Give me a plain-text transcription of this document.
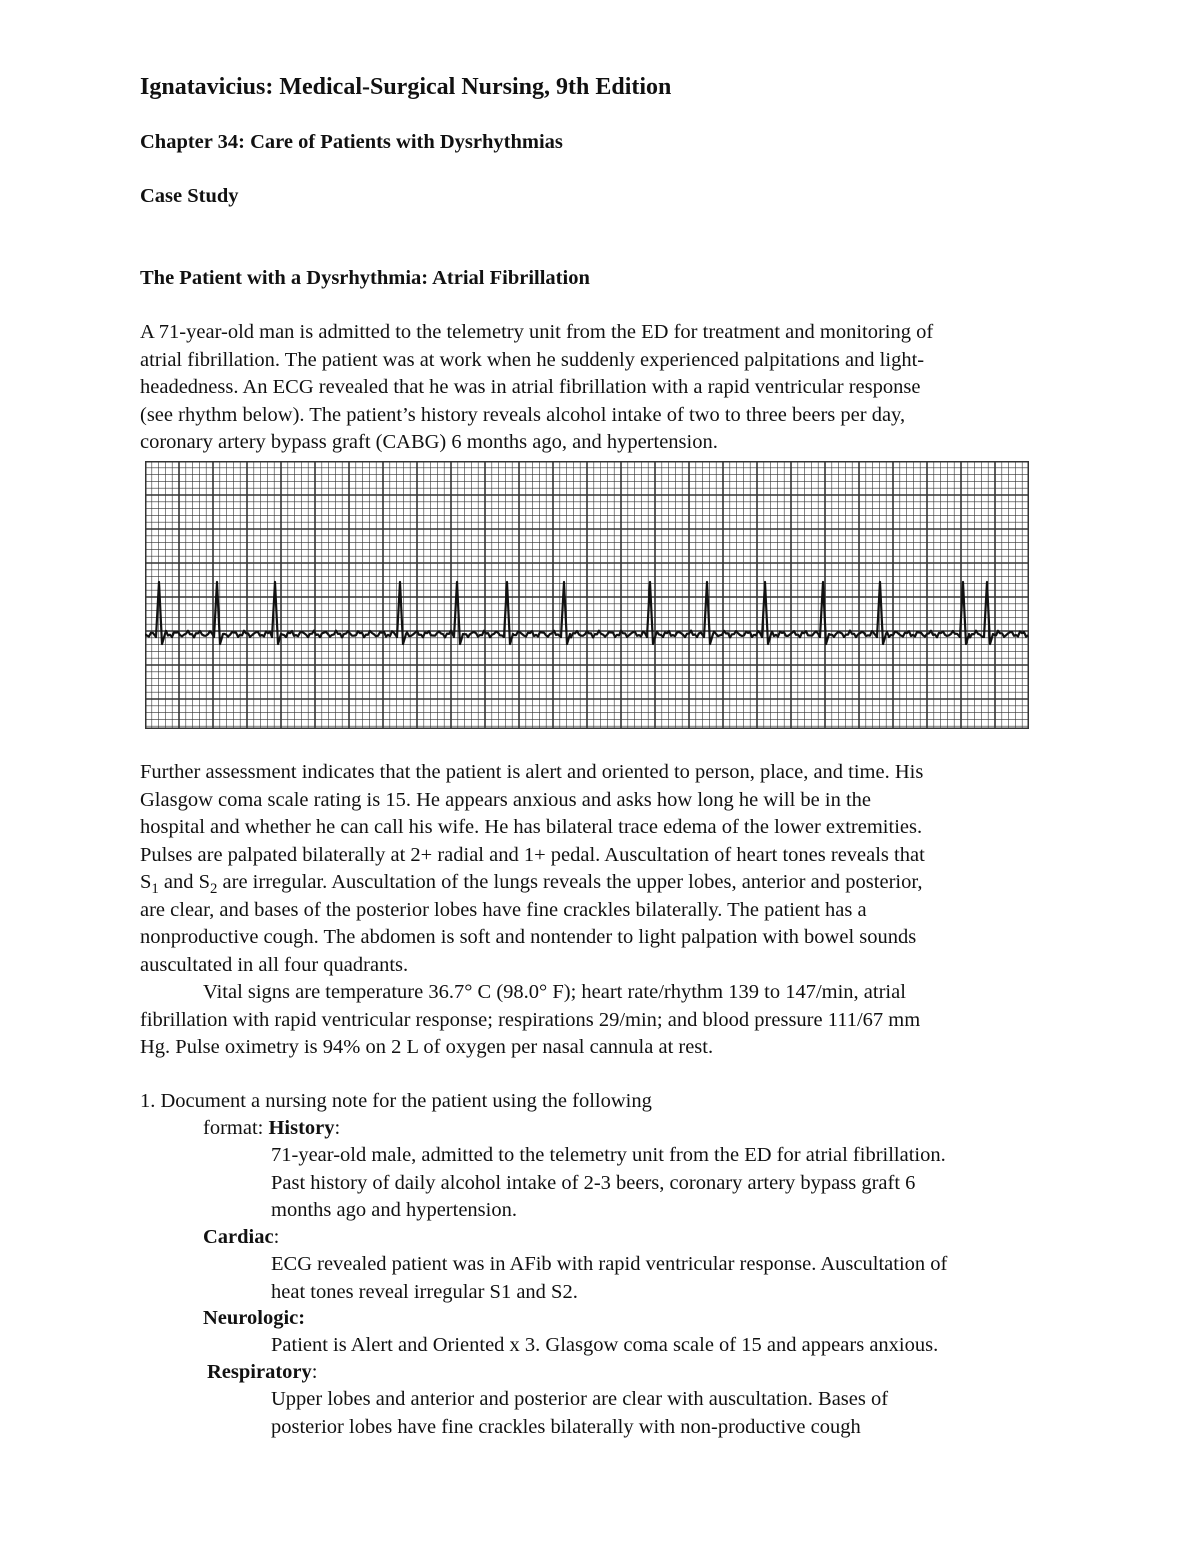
Ignatavicius: Medical-Surgical Nursing, 9th Edition
Chapter 34: Care of Patients with Dysrhythmias
Case Study
The Patient with a Dysrhythmia: Atrial Fibrillation
A 71-year-old man is admitted to the telemetry unit from the ED for treatment and monitoring of
atrial fibrillation. The patient was at work when he suddenly experienced palpitations and light-
headedness. An ECG revealed that he was in atrial fibrillation with a rapid ventricular response
(see rhythm below). The patient’s history reveals alcohol intake of two to three beers per day,
coronary artery bypass graft (CABG) 6 months ago, and hypertension.
Further assessment indicates that the patient is alert and oriented to person, place, and time. His
Glasgow coma scale rating is 15. He appears anxious and asks how long he will be in the
hospital and whether he can call his wife. He has bilateral trace edema of the lower extremities.
Pulses are palpated bilaterally at 2+ radial and 1+ pedal. Auscultation of heart tones reveals that
$S_1$ and $S_2$ are irregular. Auscultation of the lungs reveals the upper lobes, anterior and posterior,
are clear, and bases of the posterior lobes have fine crackles bilaterally. The patient has a
nonproductive cough. The abdomen is soft and nontender to light palpation with bowel sounds
auscultated in all four quadrants.
Vital signs are temperature 36.7° C (98.0° F); heart rate/rhythm 139 to 147/min, atrial
fibrillation with rapid ventricular response; respirations 29/min; and blood pressure 111/67 mm
Hg. Pulse oximetry is 94% on 2 L of oxygen per nasal cannula at rest.
1. Document a nursing note for the patient using the following
format: History:
71-year-old male, admitted to the telemetry unit from the ED for atrial fibrillation.
Past history of daily alcohol intake of 2-3 beers, coronary artery bypass graft 6
months ago and hypertension.
Cardiac:
ECG revealed patient was in AFib with rapid ventricular response. Auscultation of
heat tones reveal irregular S1 and S2.
Neurologic:
Patient is Alert and Oriented x 3. Glasgow coma scale of 15 and appears anxious.
Respiratory:
Upper lobes and anterior and posterior are clear with auscultation. Bases of
posterior lobes have fine crackles bilaterally with non-productive cough
